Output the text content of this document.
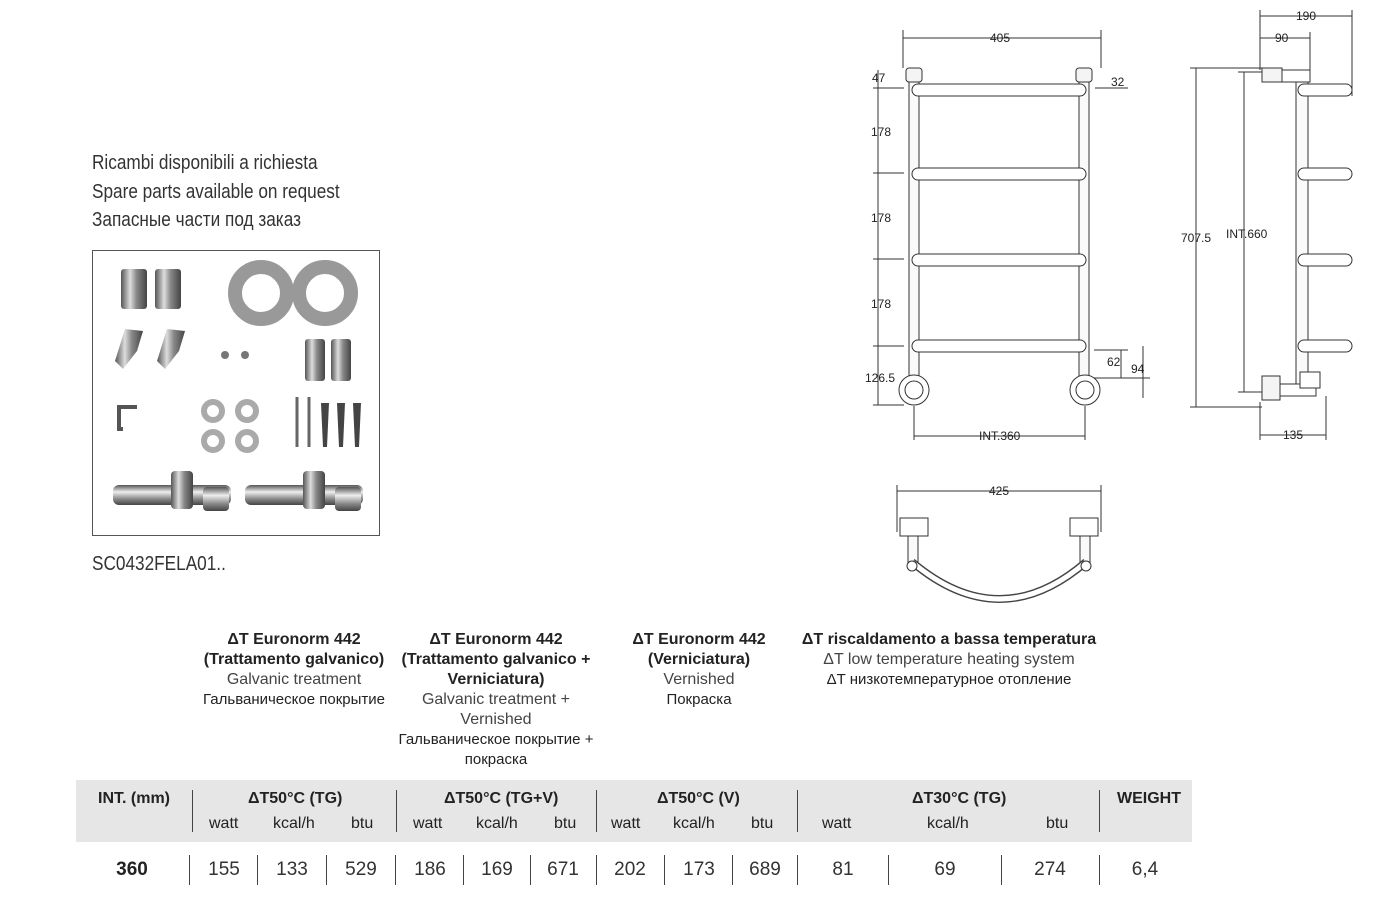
Ricambi disponibili a richiesta
Spare parts available on request
Запасные части под заказ
SC0432FELA01..
405
47	32
178
178
178
126.5
62 94
INT.360
190
90
707.5 INT.660
135
425
ΔT Euronorm 442
(Trattamento galvanico)
Galvanic treatment
Гальваническое покрытие
ΔT Euronorm 442
(Trattamento galvanico +
Verniciatura)
Galvanic treatment +
Vernished
Гальваническое покрытие +
покраска
ΔT Euronorm 442
(Verniciatura)
Vernished
Покраска
ΔT riscaldamento a bassa temperatura
ΔT low temperature heating system
ΔT низкотемпературное отопление
INT. (mm)	ΔT50°C (TG)	ΔT50°C (TG+V)	ΔT50°C (V)	ΔT30°C (TG)	WEIGHT
watt kcal/h btu watt kcal/h btu watt kcal/h btu	watt	kcal/h	btu
360	155	133	529	186	169	671	202	173	689	81	69	274	6,4
